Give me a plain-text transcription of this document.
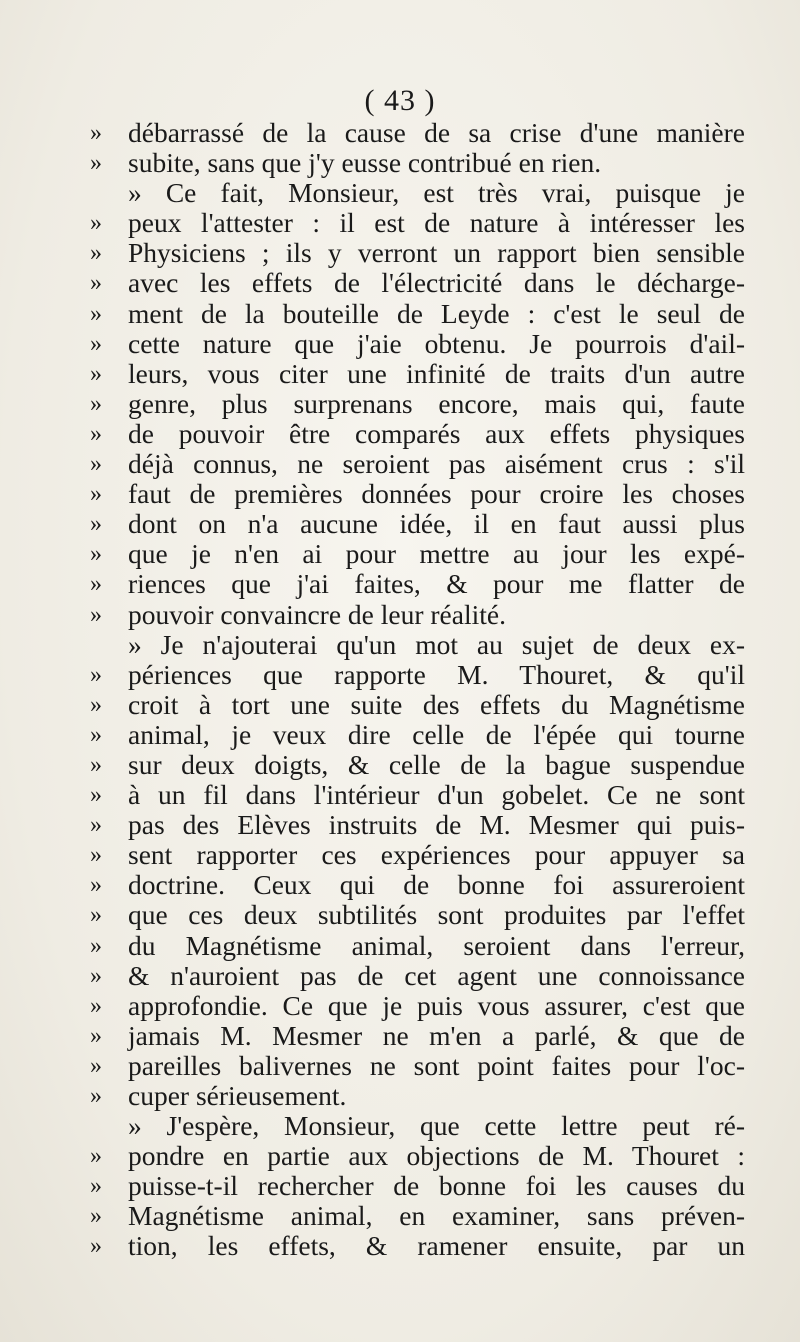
( 43 )
» débarrassé de la cause de sa crise d'une manière
» subite, sans que j'y eusse contribué en rien.
» Ce fait, Monsieur, est très vrai, puisque je
» peux l'attester : il est de nature à intéresser les
» Physiciens ; ils y verront un rapport bien sensible
» avec les effets de l'électricité dans le décharge-
» ment de la bouteille de Leyde : c'est le seul de
» cette nature que j'aie obtenu. Je pourrois d'ail-
» leurs, vous citer une infinité de traits d'un autre
» genre, plus surprenans encore, mais qui, faute
» de pouvoir être comparés aux effets physiques
» déjà connus, ne seroient pas aisément crus : s'il
» faut de premières données pour croire les choses
» dont on n'a aucune idée, il en faut aussi plus
» que je n'en ai pour mettre au jour les expé-
» riences que j'ai faites, & pour me flatter de
» pouvoir convaincre de leur réalité.
» Je n'ajouterai qu'un mot au sujet de deux ex-
» périences que rapporte M. Thouret, & qu'il
» croit à tort une suite des effets du Magnétisme
» animal, je veux dire celle de l'épée qui tourne
» sur deux doigts, & celle de la bague suspendue
» à un fil dans l'intérieur d'un gobelet. Ce ne sont
» pas des Elèves instruits de M. Mesmer qui puis-
» sent rapporter ces expériences pour appuyer sa
» doctrine. Ceux qui de bonne foi assureroient
» que ces deux subtilités sont produites par l'effet
» du Magnétisme animal, seroient dans l'erreur,
» & n'auroient pas de cet agent une connoissance
» approfondie. Ce que je puis vous assurer, c'est que
» jamais M. Mesmer ne m'en a parlé, & que de
» pareilles balivernes ne sont point faites pour l'oc-
» cuper sérieusement.
» J'espère, Monsieur, que cette lettre peut ré-
» pondre en partie aux objections de M. Thouret :
» puisse-t-il rechercher de bonne foi les causes du
» Magnétisme animal, en examiner, sans préven-
» tion, les effets, & ramener ensuite, par un
